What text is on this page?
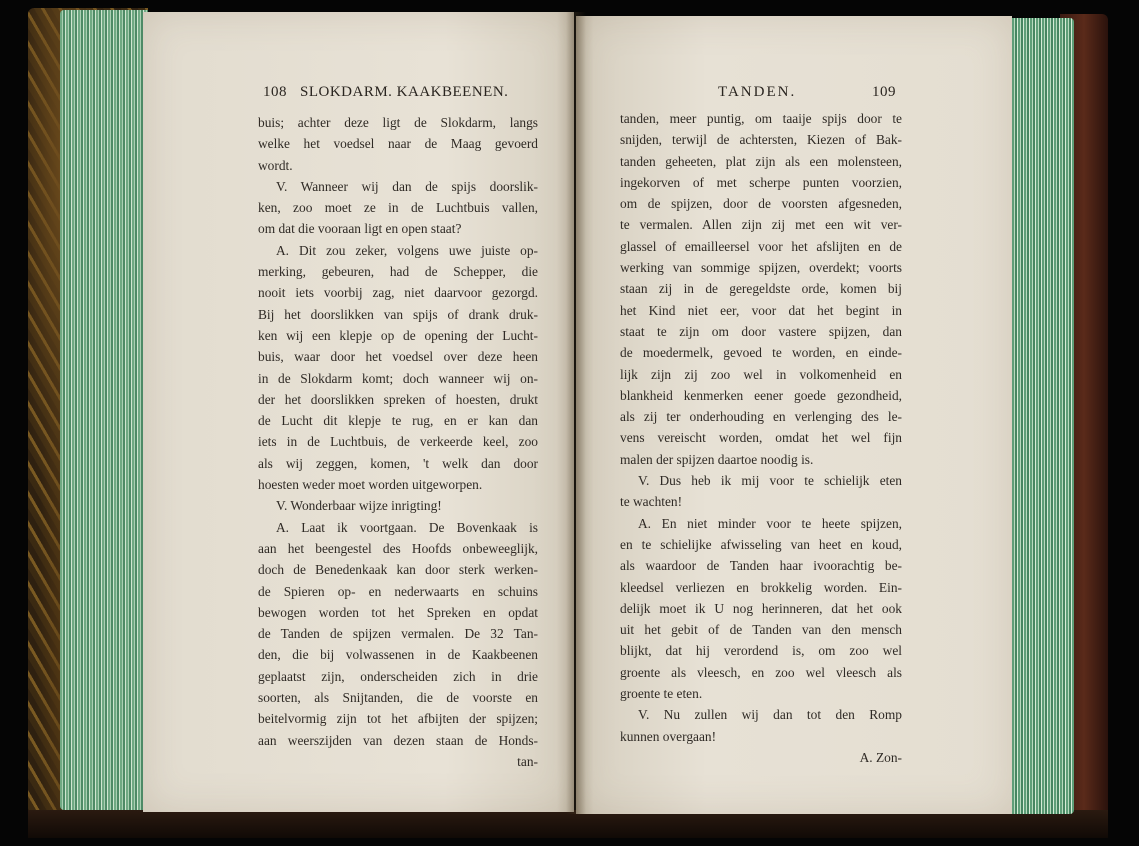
108 SLOKDARM. KAAKBEENEN.	TANDEN.	109
buis; achter deze ligt de Slokdarm, langs
welke het voedsel naar de Maag gevoerd
wordt.
V. Wanneer wij dan de spijs doorslik-
ken, zoo moet ze in de Luchtbuis vallen,
om dat die vooraan ligt en open staat?
A. Dit zou zeker, volgens uwe juiste op-
merking, gebeuren, had de Schepper, die
nooit iets voorbij zag, niet daarvoor gezorgd.
Bij het doorslikken van spijs of drank druk-
ken wij een klepje op de opening der Lucht-
buis, waar door het voedsel over deze heen
in de Slokdarm komt; doch wanneer wij on-
der het doorslikken spreken of hoesten, drukt
de Lucht dit klepje te rug, en er kan dan
iets in de Luchtbuis, de verkeerde keel, zoo
als wij zeggen, komen, 't welk dan door
hoesten weder moet worden uitgeworpen.
V. Wonderbaar wijze inrigting!
A. Laat ik voortgaan. De Bovenkaak is
aan het beengestel des Hoofds onbeweeglijk,
doch de Benedenkaak kan door sterk werken-
de Spieren op- en nederwaarts en schuins
bewogen worden tot het Spreken en opdat
de Tanden de spijzen vermalen. De 32 Tan-
den, die bij volwassenen in de Kaakbeenen
geplaatst zijn, onderscheiden zich in drie
soorten, als Snijtanden, die de voorste en
beitelvormig zijn tot het afbijten der spijzen;
aan weerszijden van dezen staan de Honds-
tan-
tanden, meer puntig, om taaije spijs door te
snijden, terwijl de achtersten, Kiezen of Bak-
tanden geheeten, plat zijn als een molensteen,
ingekorven of met scherpe punten voorzien,
om de spijzen, door de voorsten afgesneden,
te vermalen. Allen zijn zij met een wit ver-
glassel of emailleersel voor het afslijten en de
werking van sommige spijzen, overdekt; voorts
staan zij in de geregeldste orde, komen bij
het Kind niet eer, voor dat het begint in
staat te zijn om door vastere spijzen, dan
de moedermelk, gevoed te worden, en einde-
lijk zijn zij zoo wel in volkomenheid en
blankheid kenmerken eener goede gezondheid,
als zij ter onderhouding en verlenging des le-
vens vereischt worden, omdat het wel fijn
malen der spijzen daartoe noodig is.
V. Dus heb ik mij voor te schielijk eten
te wachten!
A. En niet minder voor te heete spijzen,
en te schielijke afwisseling van heet en koud,
als waardoor de Tanden haar ivoorachtig be-
kleedsel verliezen en brokkelig worden. Ein-
delijk moet ik U nog herinneren, dat het ook
uit het gebit of de Tanden van den mensch
blijkt, dat hij verordend is, om zoo wel
groente als vleesch, en zoo wel vleesch als
groente te eten.
V. Nu zullen wij dan tot den Romp
kunnen overgaan!
A. Zon-
